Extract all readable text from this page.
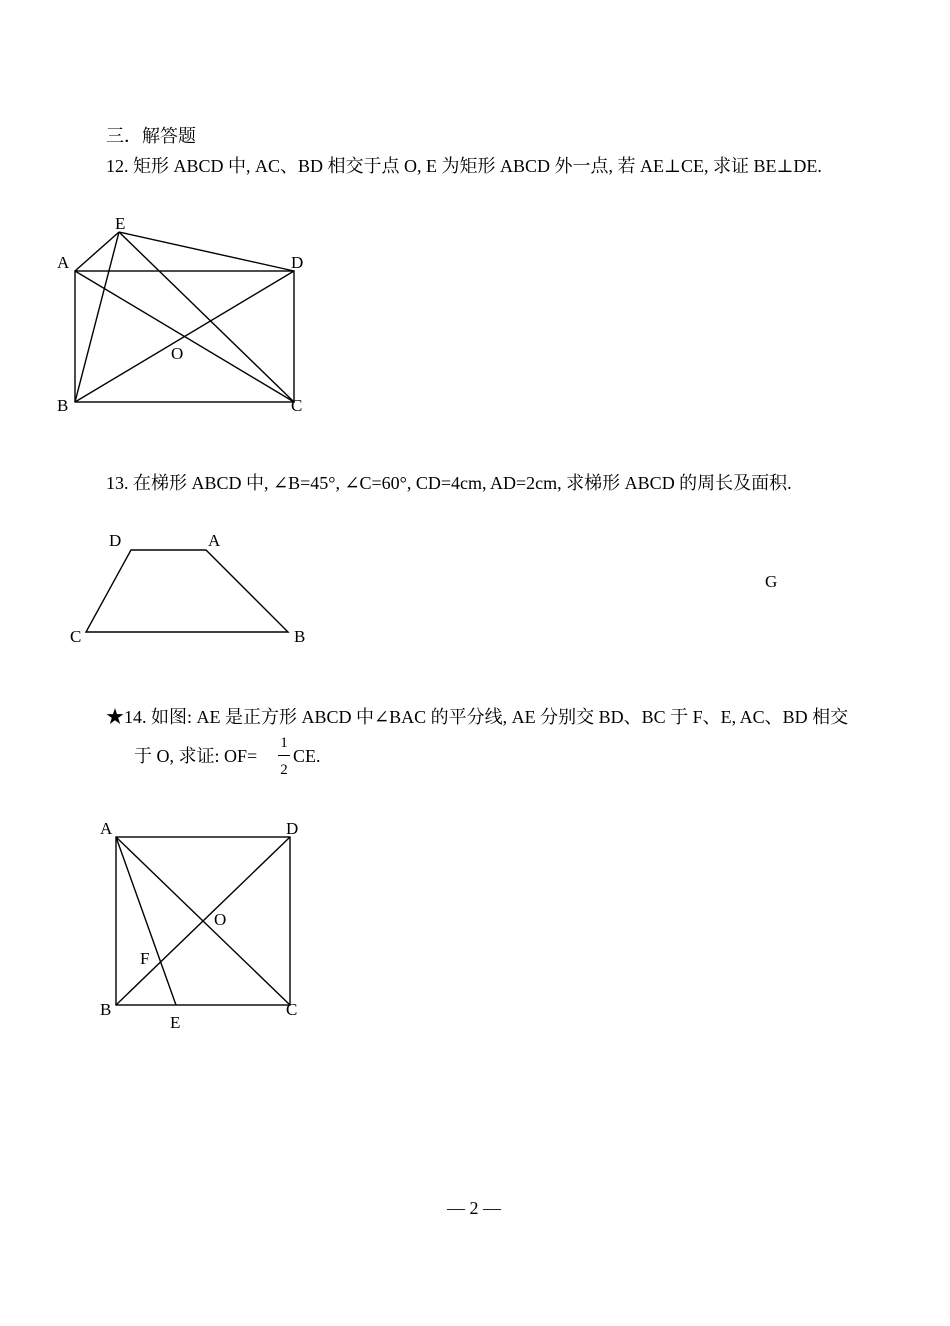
三．解答题
12. 矩形 ABCD 中, AC、BD 相交于点 O, E 为矩形 ABCD 外一点, 若 AE⊥CE, 求证 BE⊥DE.
E
A	D
O
B	C
13. 在梯形 ABCD 中, ∠B=45°, ∠C=60°, CD=4cm, AD=2cm, 求梯形 ABCD 的周长及面积.
D	A
C	B
G
★14. 如图: AE 是正方形 ABCD 中∠BAC 的平分线, AE 分别交 BD、BC 于 F、E, AC、BD 相交
于 O, 求证: OF=
1
2
CE.
A	D
O
F
B
E
C
— 2 —
